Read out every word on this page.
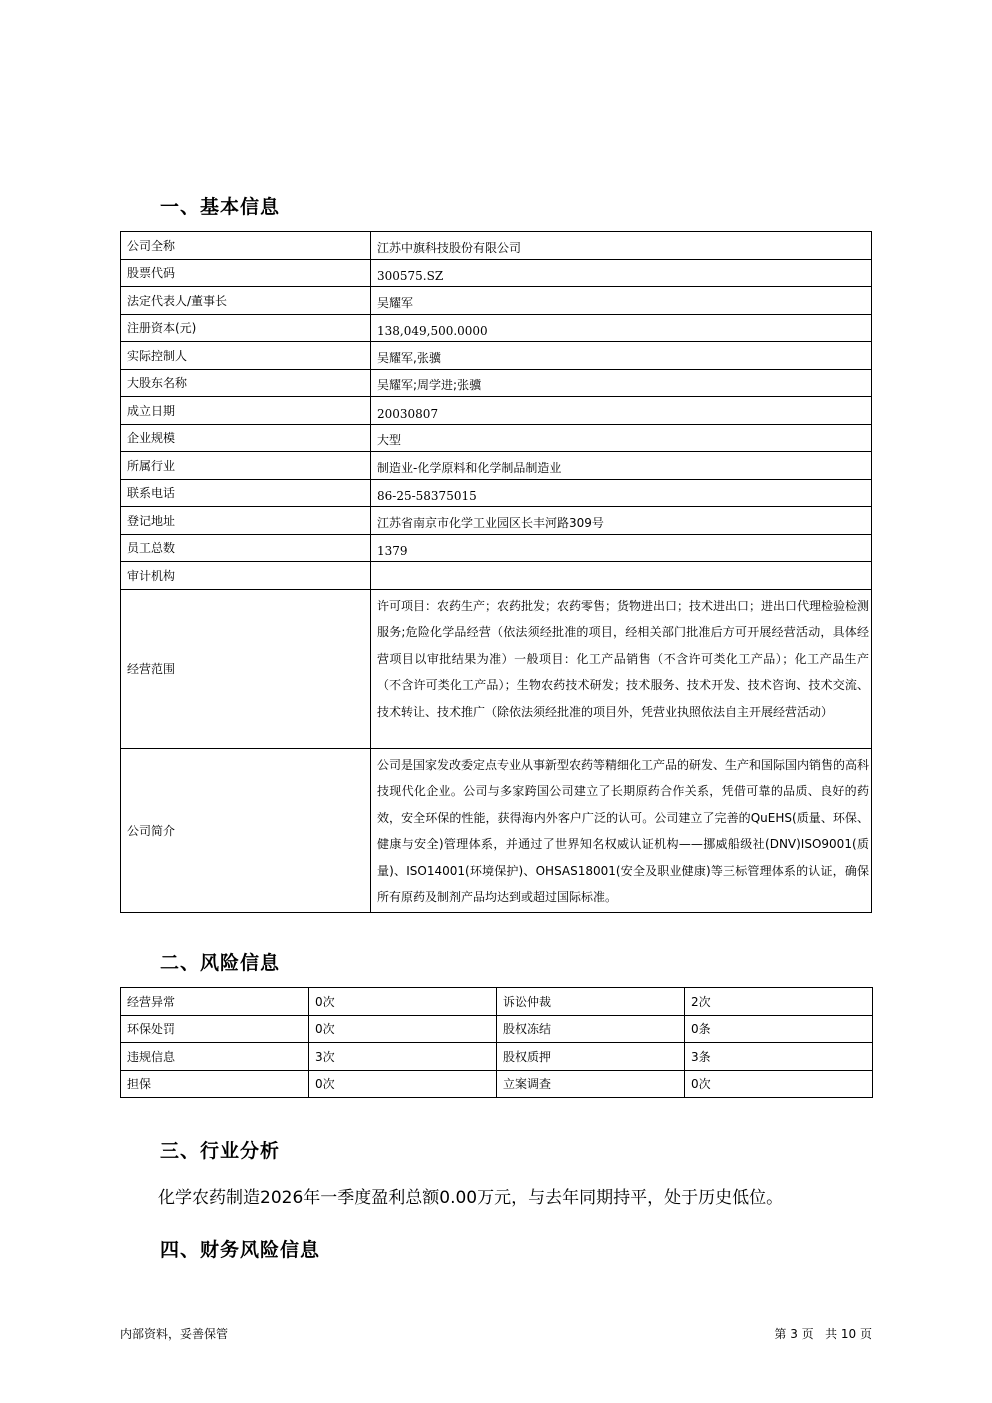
一、基本信息
公司全称	江苏中旗科技股份有限公司
股票代码	300575.SZ
法定代表人/董事长	吴耀军
注册资本(元)	138,049,500.0000
实际控制人	吴耀军,张骥
大股东名称	吴耀军;周学进;张骥
成立日期	20030807
企业规模	大型
所属行业	制造业-化学原料和化学制品制造业
联系电话	86-25-58375015
登记地址	江苏省南京市化学工业园区长丰河路309号
员工总数	1379
审计机构	
经营范围	许可项目：农药生产；农药批发；农药零售；货物进出口；技术进出口；进出口代理检验检测服务;危险化学品经营（依法须经批准的项目，经相关部门批准后方可开展经营活动，具体经营项目以审批结果为准）一般项目：化工产品销售（不含许可类化工产品）；化工产品生产（不含许可类化工产品）；生物农药技术研发；技术服务、技术开发、技术咨询、技术交流、技术转让、技术推广（除依法须经批准的项目外，凭营业执照依法自主开展经营活动）
公司简介	公司是国家发改委定点专业从事新型农药等精细化工产品的研发、生产和国际国内销售的高科技现代化企业。公司与多家跨国公司建立了长期原药合作关系，凭借可靠的品质、良好的药效，安全环保的性能，获得海内外客户广泛的认可。公司建立了完善的QuEHS(质量、环保、健康与安全)管理体系，并通过了世界知名权威认证机构——挪威船级社(DNV)ISO9001(质量)、ISO14001(环境保护)、OHSAS18001(安全及职业健康)等三标管理体系的认证，确保所有原药及制剂产品均达到或超过国际标准。
二、风险信息
经营异常	0次	诉讼仲裁	2次
环保处罚	0次	股权冻结	0条
违规信息	3次	股权质押	3条
担保	0次	立案调查	0次
三、行业分析
化学农药制造2026年一季度盈利总额0.00万元，与去年同期持平，处于历史低位。
四、财务风险信息
内部资料，妥善保管	第 3 页   共 10 页
